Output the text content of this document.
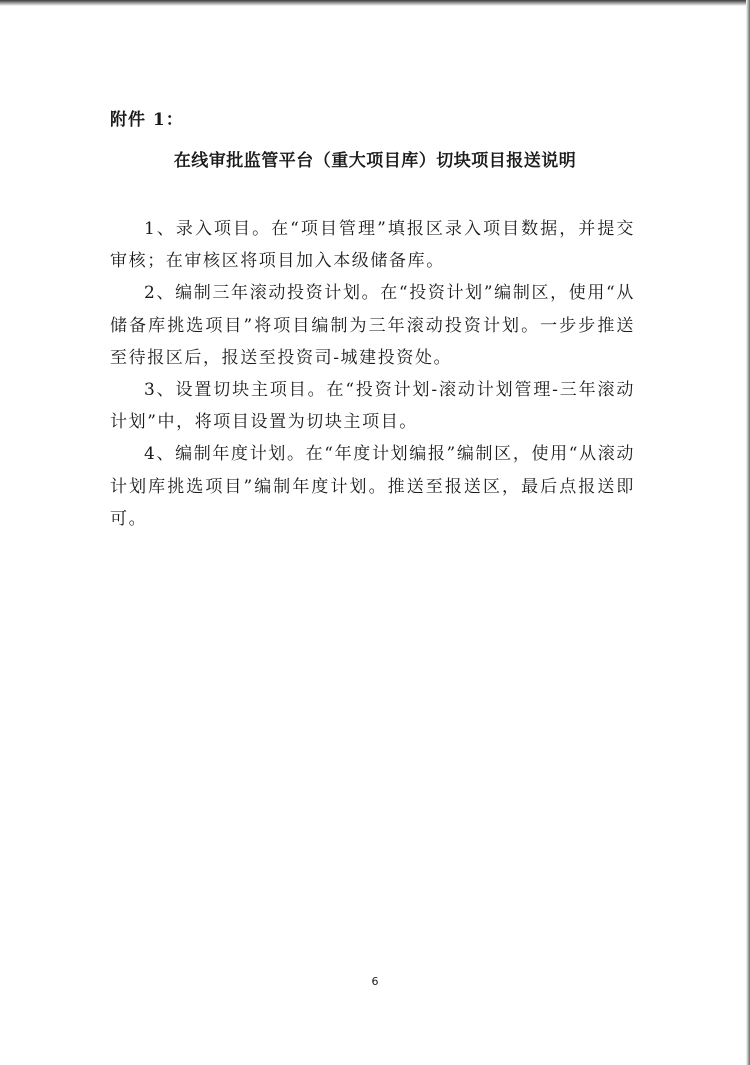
附件 1：
在线审批监管平台（重大项目库）切块项目报送说明

1、录入项目。在“项目管理”填报区录入项目数据，并提交审核；在审核区将项目加入本级储备库。

2、编制三年滚动投资计划。在“投资计划”编制区，使用“从储备库挑选项目”将项目编制为三年滚动投资计划。一步步推送至待报区后，报送至投资司-城建投资处。

3、设置切块主项目。在“投资计划-滚动计划管理-三年滚动计划”中，将项目设置为切块主项目。

4、编制年度计划。在“年度计划编报”编制区，使用“从滚动计划库挑选项目”编制年度计划。推送至报送区，最后点报送即可。

6
